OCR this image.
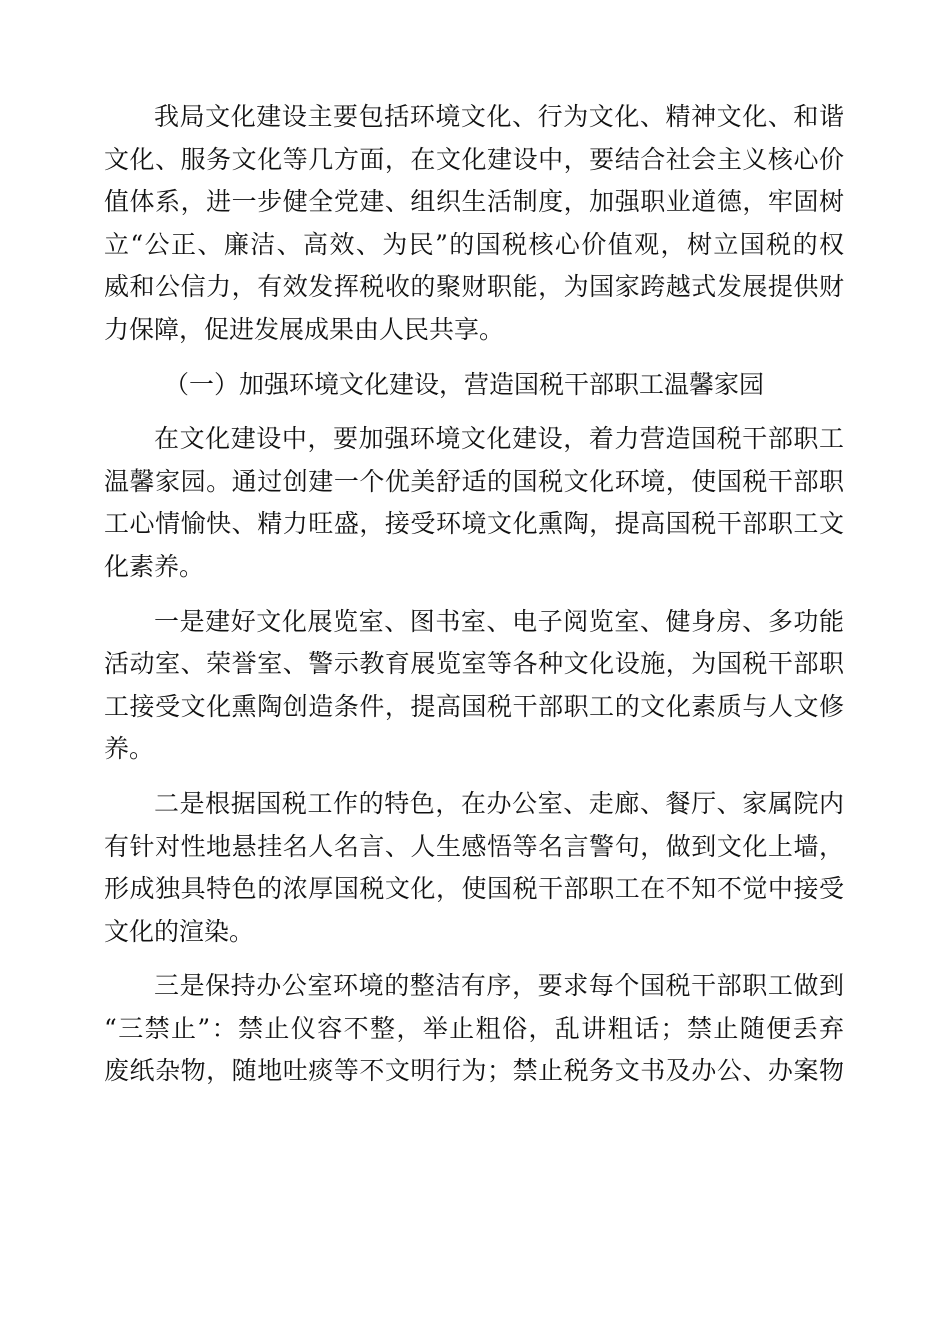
我局文化建设主要包括环境文化、行为文化、精神文化、和谐
文化、服务文化等几方面，在文化建设中，要结合社会主义核心价
值体系，进一步健全党建、组织生活制度，加强职业道德，牢固树
立“公正、廉洁、高效、为民”的国税核心价值观，树立国税的权
威和公信力，有效发挥税收的聚财职能，为国家跨越式发展提供财
力保障，促进发展成果由人民共享。
（一）加强环境文化建设，营造国税干部职工温馨家园
在文化建设中，要加强环境文化建设，着力营造国税干部职工
温馨家园。通过创建一个优美舒适的国税文化环境，使国税干部职
工心情愉快、精力旺盛，接受环境文化熏陶，提高国税干部职工文
化素养。
一是建好文化展览室、图书室、电子阅览室、健身房、多功能
活动室、荣誉室、警示教育展览室等各种文化设施，为国税干部职
工接受文化熏陶创造条件，提高国税干部职工的文化素质与人文修
养。
二是根据国税工作的特色，在办公室、走廊、餐厅、家属院内
有针对性地悬挂名人名言、人生感悟等名言警句，做到文化上墙，
形成独具特色的浓厚国税文化，使国税干部职工在不知不觉中接受
文化的渲染。
三是保持办公室环境的整洁有序，要求每个国税干部职工做到
“三禁止”：禁止仪容不整，举止粗俗，乱讲粗话；禁止随便丢弃
废纸杂物，随地吐痰等不文明行为；禁止税务文书及办公、办案物
